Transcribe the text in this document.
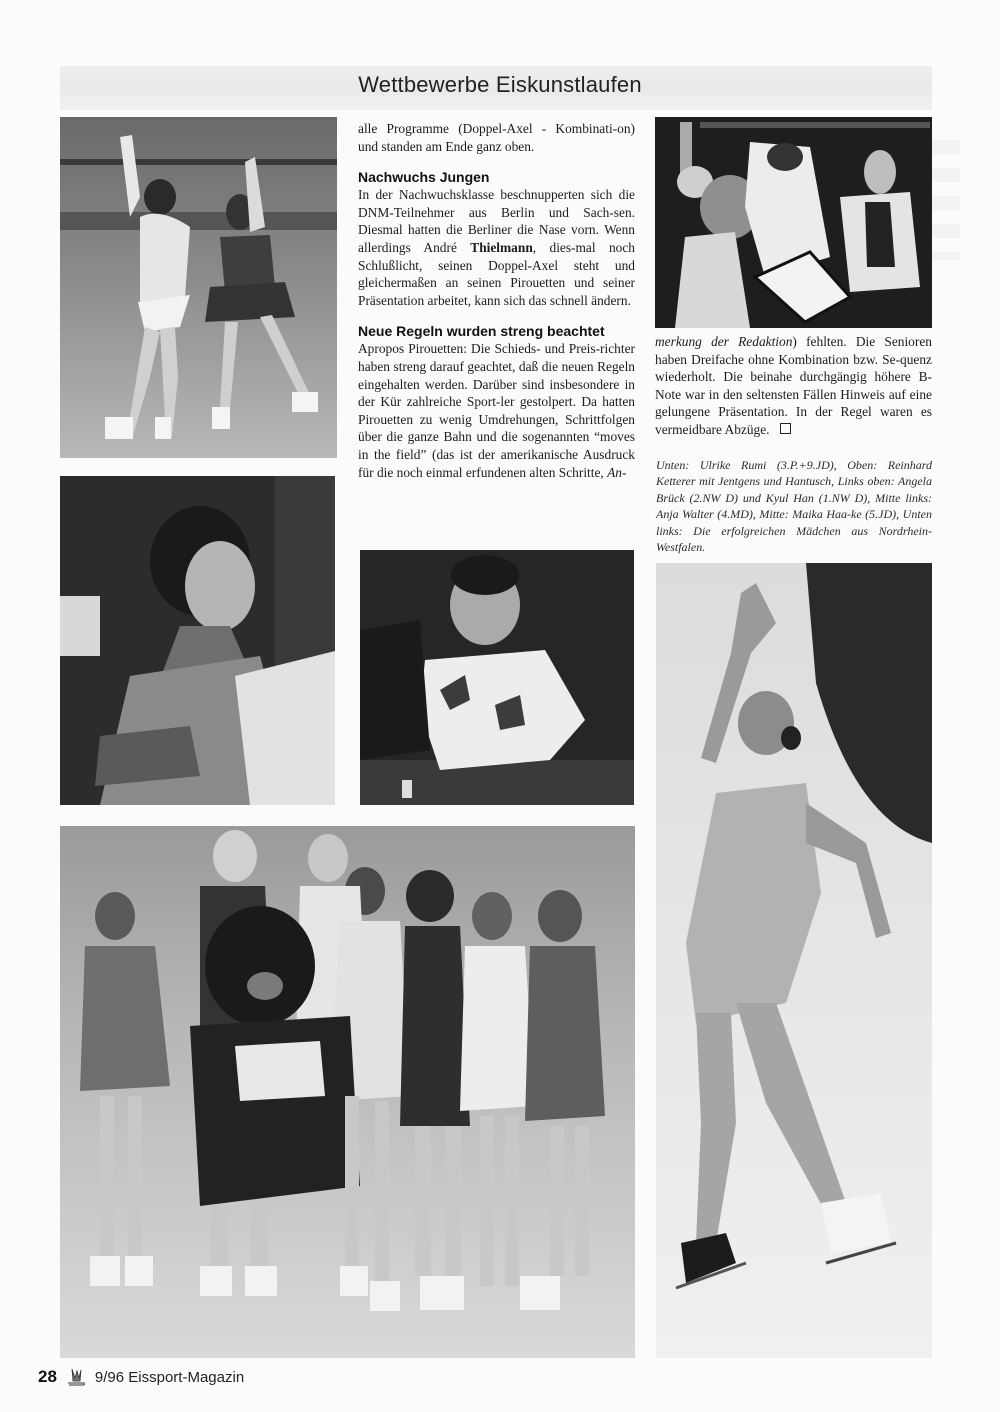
Wettbewerbe Eiskunstlaufen

alle Programme (Doppel-Axel - Kombinati-on) und standen am Ende ganz oben.

Nachwuchs Jungen

In der Nachwuchsklasse beschnupperten sich die DNM-Teilnehmer aus Berlin und Sach-sen. Diesmal hatten die Berliner die Nase vorn. Wenn allerdings André Thielmann, dies-mal noch Schlußlicht, seinen Doppel-Axel steht und gleichermaßen an seinen Pirouetten und seiner Präsentation arbeitet, kann sich das schnell ändern.

Neue Regeln wurden streng beachtet

Apropos Pirouetten: Die Schieds- und Preis-richter haben streng darauf geachtet, daß die neuen Regeln eingehalten werden. Darüber sind insbesondere in der Kür zahlreiche Sport-ler gestolpert. Da hatten Pirouetten zu wenig Umdrehungen, Schrittfolgen über die ganze Bahn und die sogenannten “moves in the field” (das ist der amerikanische Ausdruck für die noch einmal erfundenen alten Schritte, An-

merkung der Redaktion) fehlten. Die Senioren haben Dreifache ohne Kombination bzw. Se-quenz wiederholt. Die beinahe durchgängig höhere B-Note war in den seltensten Fällen Hinweis auf eine gelungene Präsentation. In der Regel waren es vermeidbare Abzüge.

Unten: Ulrike Rumi (3.P.+9.JD), Oben: Reinhard Ketterer mit Jentgens und Hantusch, Links oben: Angela Brück (2.NW D) und Kyul Han (1.NW D), Mitte links: Anja Walter (4.MD), Mitte: Maika Haa-ke (5.JD), Unten links: Die erfolgreichen Mädchen aus Nordrhein-Westfalen.
28	9/96 Eissport-Magazin
